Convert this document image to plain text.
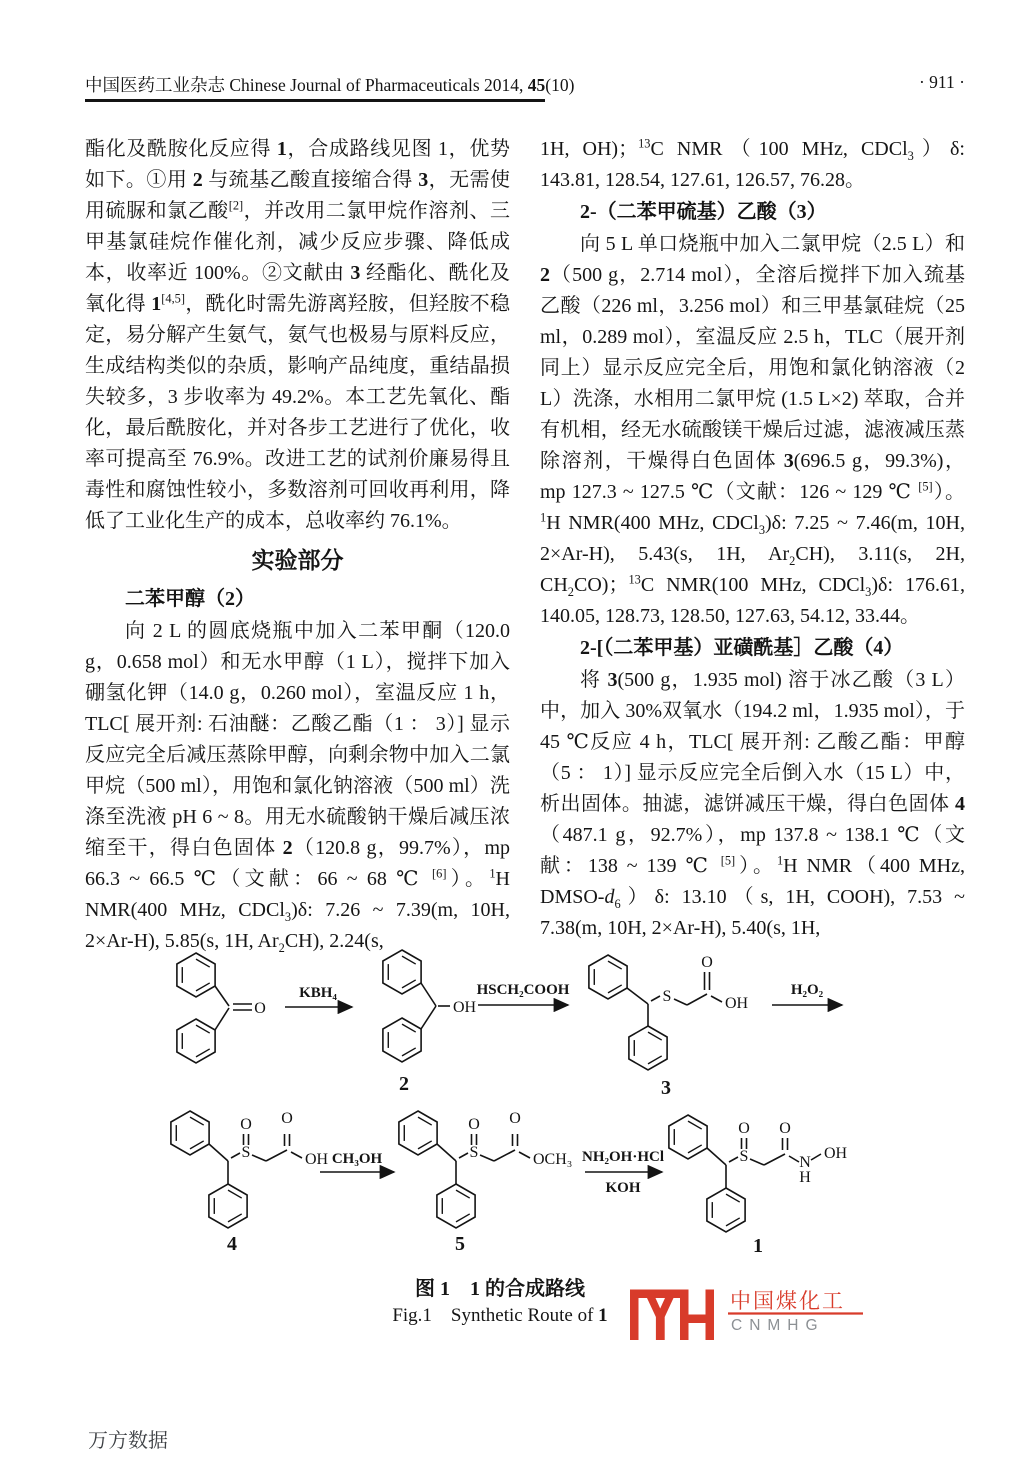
中国医药工业杂志 Chinese Journal of Pharmaceuticals 2014, 45(10)	· 911 ·

酯化及酰胺化反应得 1，合成路线见图 1，优势如下。①用 2 与巯基乙酸直接缩合得 3，无需使用硫脲和氯乙酸[2]，并改用二氯甲烷作溶剂、三甲基氯硅烷作催化剂，减少反应步骤、降低成本，收率近 100%。②文献由 3 经酯化、酰化及氧化得 1[4,5]，酰化时需先游离羟胺，但羟胺不稳定，易分解产生氨气，氨气也极易与原料反应，生成结构类似的杂质，影响产品纯度，重结晶损失较多，3 步收率为 49.2%。本工艺先氧化、酯化，最后酰胺化，并对各步工艺进行了优化，收率可提高至 76.9%。改进工艺的试剂价廉易得且毒性和腐蚀性较小，多数溶剂可回收再利用，降低了工业化生产的成本，总收率约 76.1%。

实验部分
二苯甲醇（2）

向 2 L 的圆底烧瓶中加入二苯甲酮（120.0 g，0.658 mol）和无水甲醇（1 L），搅拌下加入硼氢化钾（14.0 g，0.260 mol），室温反应 1 h，TLC[ 展开剂: 石油醚：乙酸乙酯（1 ： 3）] 显示反应完全后减压蒸除甲醇，向剩余物中加入二氯甲烷（500 ml），用饱和氯化钠溶液（500 ml）洗涤至洗液 pH 6 ~ 8。用无水硫酸钠干燥后减压浓缩至干，得白色固体 2（120.8 g，99.7%），mp 66.3 ~ 66.5 ℃（文献：66 ~ 68 ℃ [6]）。$^1$H NMR(400 MHz, CDCl$_3$)δ: 7.26 ~ 7.39(m, 10H, 2×Ar-H), 5.85(s, 1H, $Ar_2CH$), 2.24(s,

1H, OH)；$^{13}$C NMR（100 MHz, CDCl$_3$）δ: 143.81, 128.54, 127.61, 126.57, 76.28。

2-（二苯甲硫基）乙酸（3）

向 5 L 单口烧瓶中加入二氯甲烷（2.5 L）和 2（500 g，2.714 mol），全溶后搅拌下加入巯基乙酸（226 ml，3.256 mol）和三甲基氯硅烷（25 ml，0.289 mol），室温反应 2.5 h，TLC（展开剂同上）显示反应完全后，用饱和氯化钠溶液（2 L）洗涤，水相用二氯甲烷 (1.5 L×2) 萃取，合并有机相，经无水硫酸镁干燥后过滤，滤液减压蒸除溶剂，干燥得白色固体 3(696.5 g，99.3%)，mp 127.3 ~ 127.5 ℃（文献：126 ~ 129 ℃ [5]）。$^1$H NMR(400 MHz, CDCl$_3$)δ: 7.25 ~ 7.46(m, 10H, 2×Ar-H), 5.43(s, 1H, $Ar_2CH$), 3.11(s, 2H, $CH_2CO$)；$^{13}$C NMR(100 MHz, CDCl$_3$)δ: 176.61, 140.05, 128.73, 128.50, 127.63, 54.12, 33.44。

2-[（二苯甲基）亚磺酰基］乙酸（4）

将 3(500 g，1.935 mol) 溶于冰乙酸（3 L）中，加入 30%双氧水（194.2 ml，1.935 mol），于 45 ℃反应 4 h，TLC[ 展开剂: 乙酸乙酯：甲醇（5 ： 1）] 显示反应完全后倒入水（15 L）中，析出固体。抽滤，滤饼减压干燥，得白色固体 4（487.1 g，92.7%），mp 137.8 ~ 138.1 ℃（文献：138 ~ 139 ℃ [5]）。$^1$H NMR（400 MHz, DMSO-$d_6)\delta$: 13.10（s, 1H, COOH), 7.53 ~ 7.38(m, 10H, 2×Ar-H), 5.40(s, 1H,

KBH₄	HSCH₂COOH	H₂O₂
CH₃OH	NH₂OH·HCl
KOH
O	OH
S
O
OH
S
O O
OH	S
O O
OCH₃	S
O O
N
H
OH
2	3
4	5	1

图 1　1 的合成路线

Fig.1　Synthetic Route of 1

中国煤化工
CNMHG
万方数据
